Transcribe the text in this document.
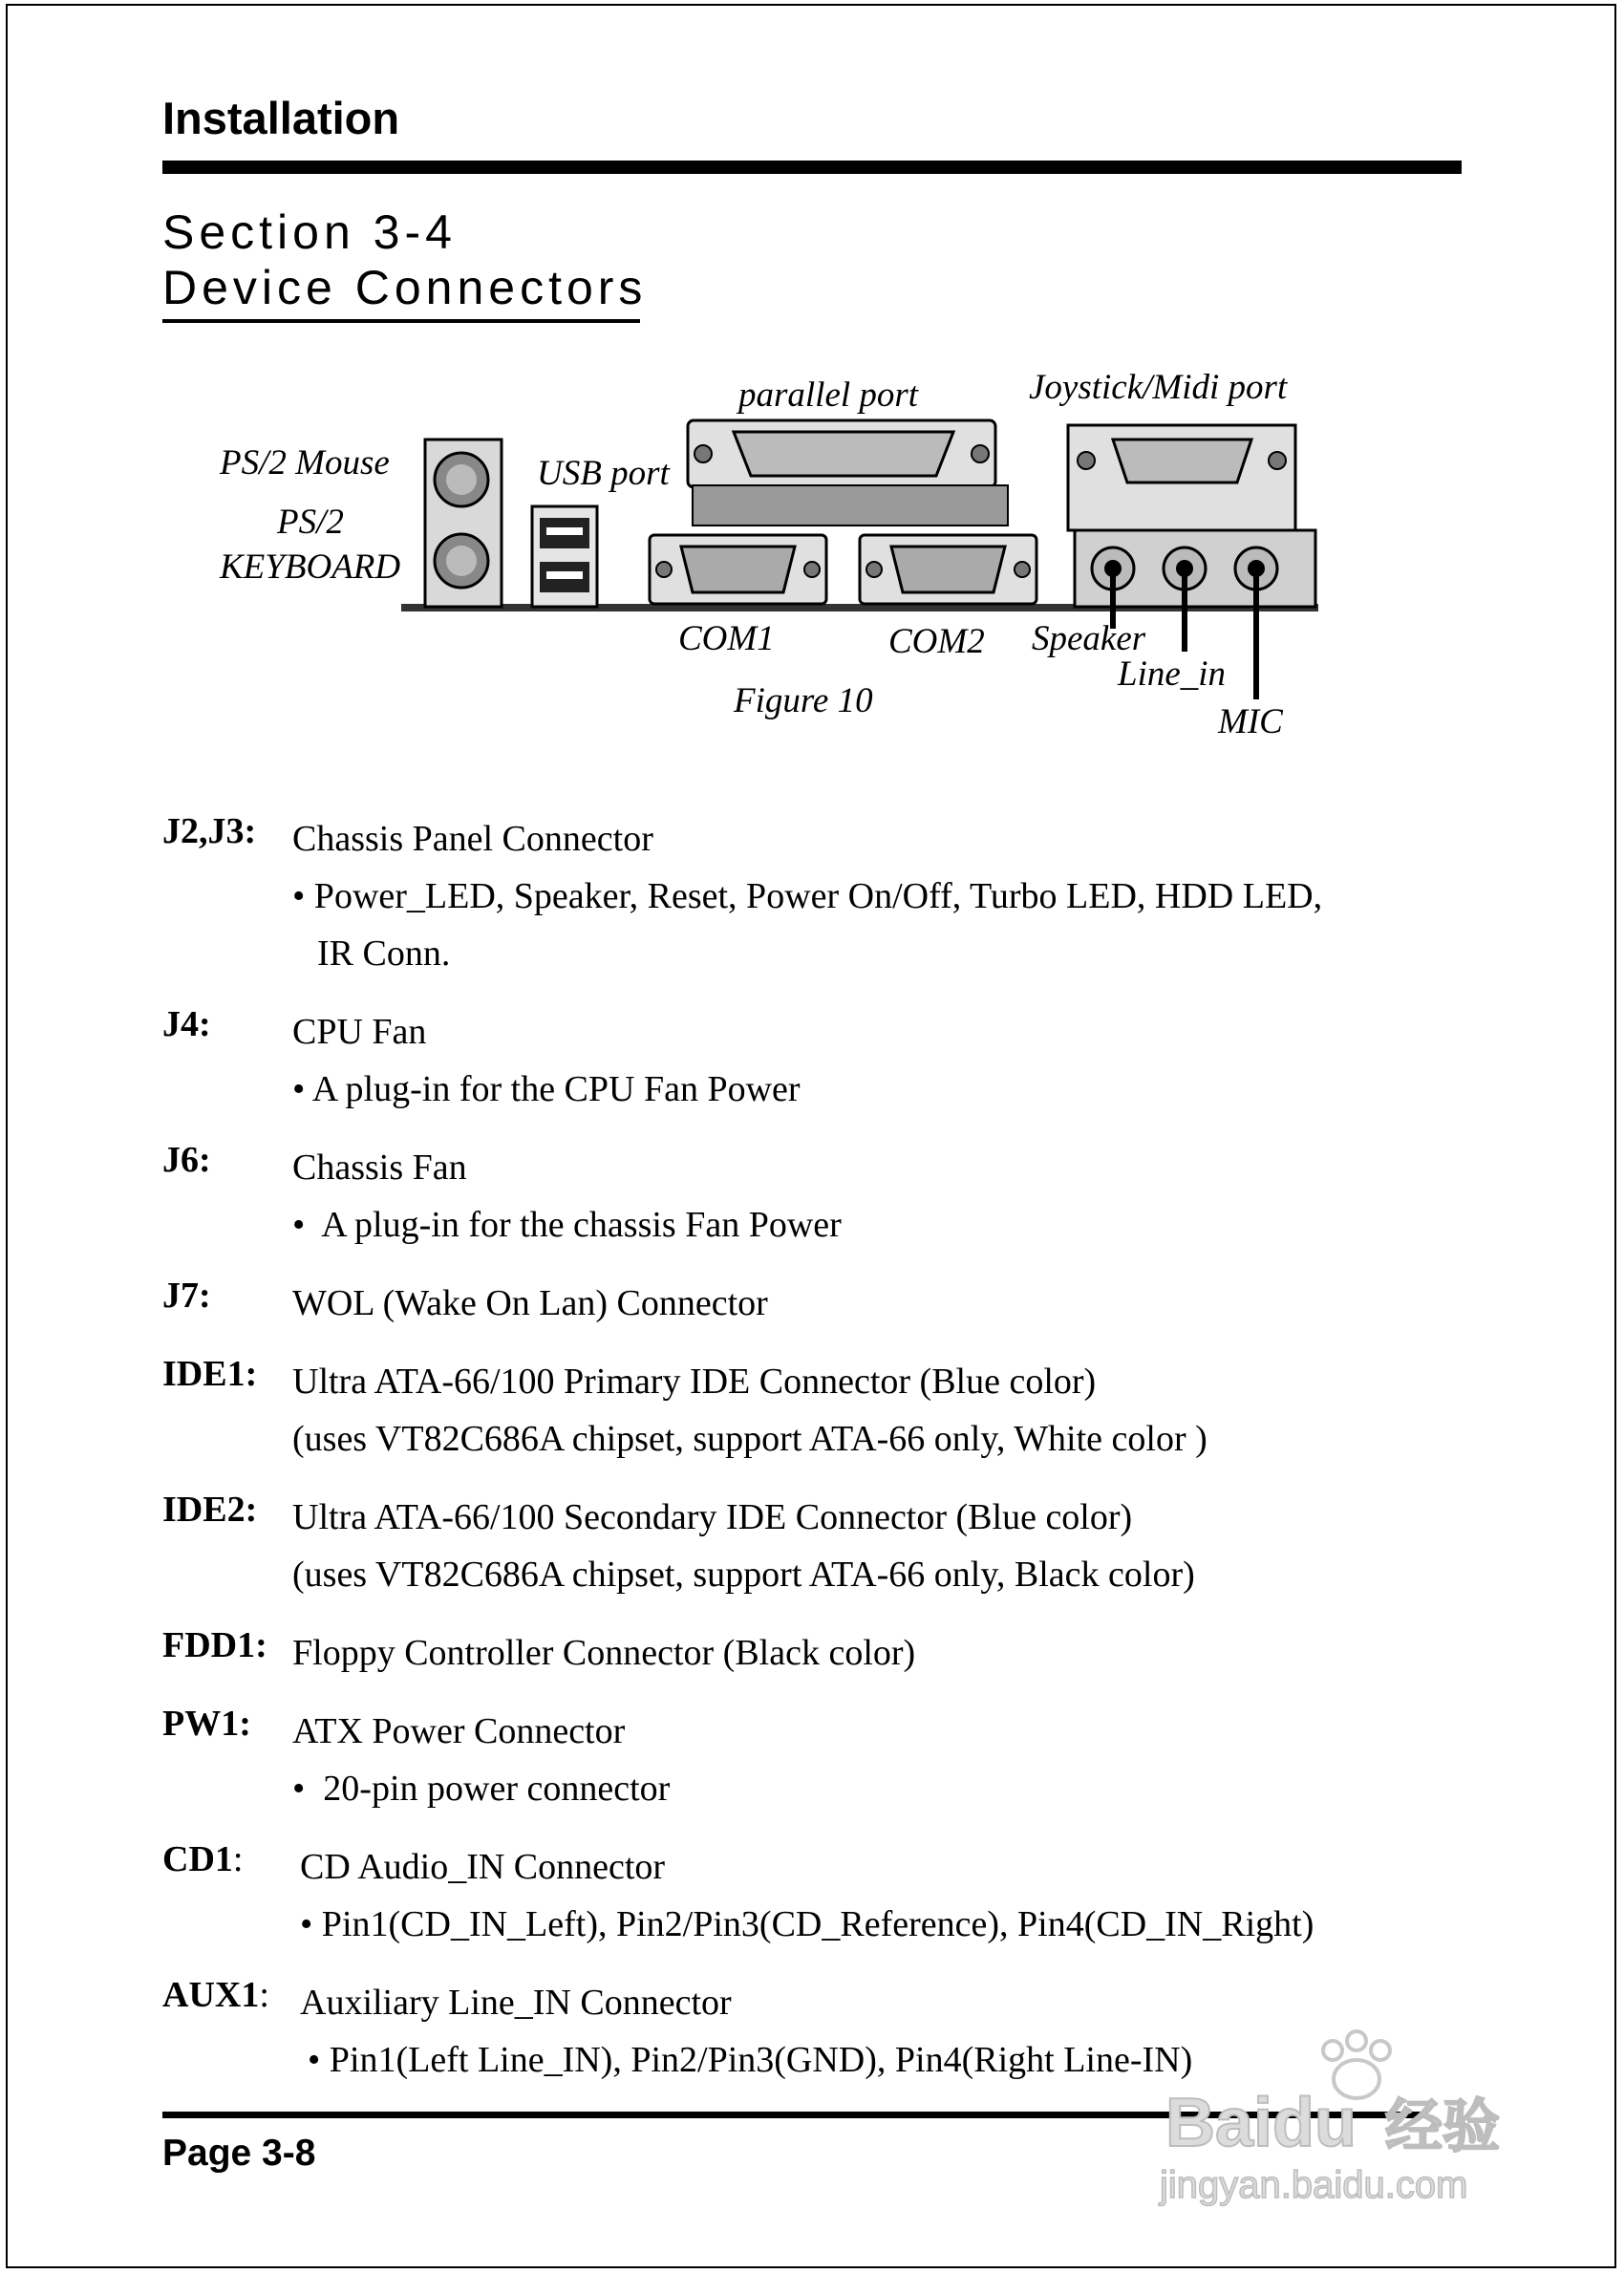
Installation
Section 3-4
Device Connectors
PS/2 Mouse
PS/2
KEYBOARD
USB port
parallel port	Joystick/Midi port
COM1	COM2 Speaker
Line_in
MIC
Figure 10
J2,J3: Chassis Panel Connector
• Power_LED, Speaker, Reset, Power On/Off, Turbo LED, HDD LED,
IR Conn.
J4:	CPU Fan
• A plug-in for the CPU Fan Power
J6:	Chassis Fan
•  A plug-in for the chassis Fan Power
J7:	WOL (Wake On Lan) Connector
IDE1: Ultra ATA-66/100 Primary IDE Connector (Blue color)
(uses VT82C686A chipset, support ATA-66 only, White color )
IDE2: Ultra ATA-66/100 Secondary IDE Connector (Blue color)
(uses VT82C686A chipset, support ATA-66 only, Black color)
FDD1: Floppy Controller Connector (Black color)
PW1:	ATX Power Connector
•  20-pin power connector
CD1:	CD Audio_IN Connector
• Pin1(CD_IN_Left), Pin2/Pin3(CD_Reference), Pin4(CD_IN_Right)
AUX1: Auxiliary Line_IN Connector
• Pin1(Left Line_IN), Pin2/Pin3(GND), Pin4(Right Line-IN)
Page 3-8	Baidu 经验
jingyan.baidu.com
